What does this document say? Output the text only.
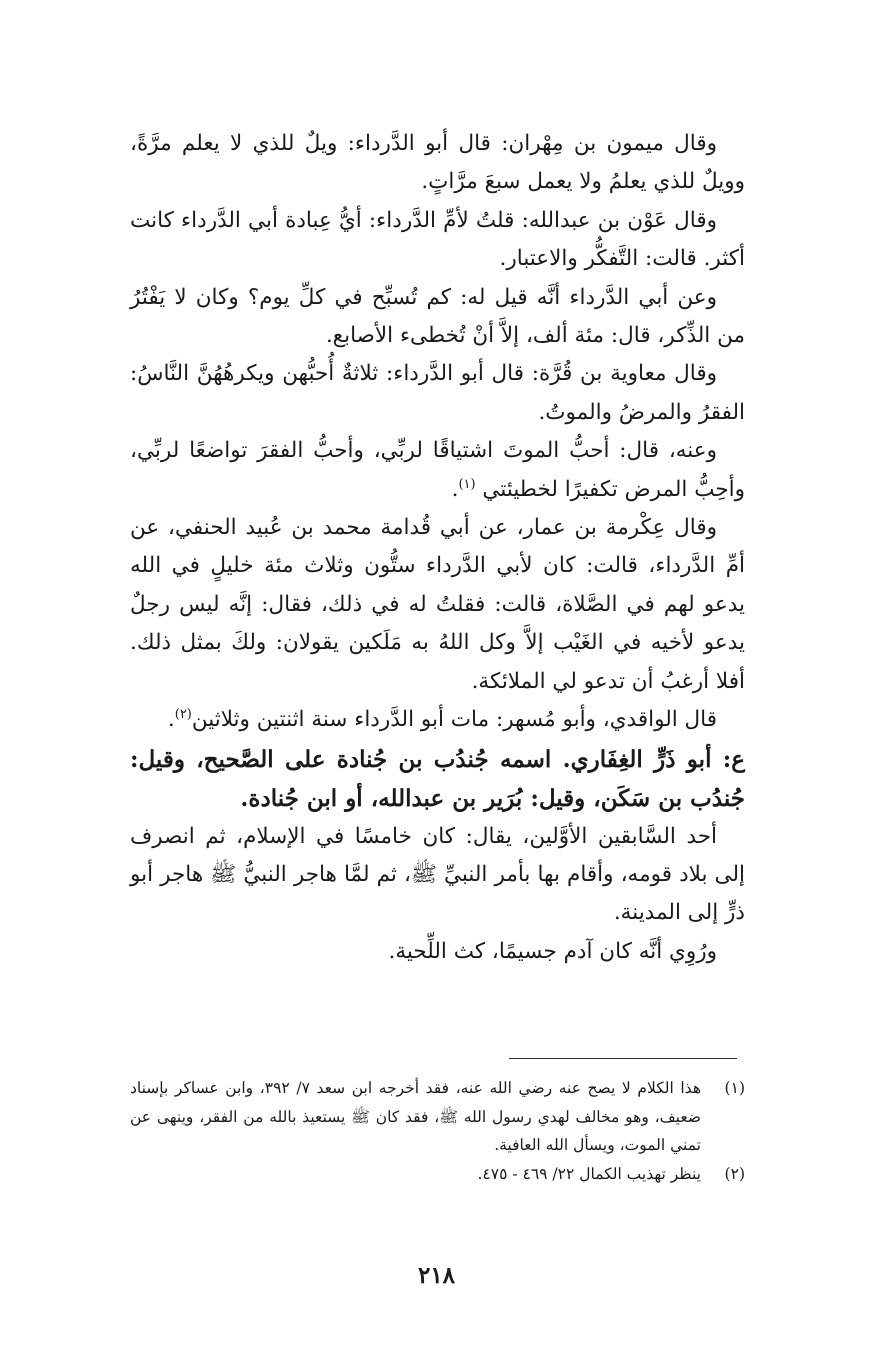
وقال ميمون بن مِهْران: قال أبو الدَّرداء: ويلٌ للذي لا يعلم مرَّةً، وويلٌ للذي يعلمُ ولا يعمل سبعَ مرَّاتٍ.

وقال عَوْن بن عبدالله: قلتُ لأمِّ الدَّرداء: أيُّ عِبادة أبي الدَّرداء كانت أكثر. قالت: التَّفكُّر والاعتبار.

وعن أبي الدَّرداء أنَّه قيل له: كم تُسبِّح في كلِّ يوم؟ وكان لا يَفْتُرُ من الذِّكر، قال: مئة ألف، إلاَّ أنْ تُخطىء الأصابع.

وقال معاوية بن قُرَّة: قال أبو الدَّرداء: ثلاثةٌ أُحبُّهن ويكرهُهُنَّ النَّاسُ: الفقرُ والمرضُ والموتُ.

وعنه، قال: أحبُّ الموتَ اشتياقًا لربِّي، وأحبُّ الفقرَ تواضعًا لربِّي، وأحِبُّ المرض تكفيرًا لخطيئتي $^{(١)}$.

وقال عِكْرمة بن عمار، عن أبي قُدامة محمد بن عُبيد الحنفي، عن أمِّ الدَّرداء، قالت: كان لأبي الدَّرداء ستُّون وثلاث مئة خليلٍ في الله يدعو لهم في الصَّلاة، قالت: فقلتُ له في ذلك، فقال: إنَّه ليس رجلٌ يدعو لأخيه في الغَيْب إلاَّ وكل اللهُ به مَلَكين يقولان: ولكَ بمثل ذلك. أفلا أرغبُ أن تدعو لي الملائكة.

قال الواقدي، وأبو مُسهر: مات أبو الدَّرداء سنة اثنتين وثلاثين$^{(٢)}$.

ع: أبو ذَرٍّ الغِفَاري. اسمه جُندُب بن جُنادة على الصَّحيح، وقيل: جُندُب بن سَكَن، وقيل: بُرَير بن عبدالله، أو ابن جُنادة.

أحد السَّابقين الأوَّلين، يقال: كان خامسًا في الإسلام، ثم انصرف إلى بلاد قومه، وأقام بها بأمر النبيِّ ﷺ، ثم لمَّا هاجر النبيُّ ﷺ هاجر أبو ذرٍّ إلى المدينة.

ورُوِي أنَّه كان آدم جسيمًا، كث اللِّحية.

(١)
هذا الكلام لا يصح عنه رضي الله عنه، فقد أخرجه ابن سعد ٧/ ٣٩٢، وابن عساكر بإسناد ضعيف، وهو مخالف لهدي رسول الله ﷺ، فقد كان ﷺ يستعيذ بالله من الفقر، وينهى عن تمني الموت، ويسأل الله العافية.
(٢)
ينظر تهذيب الكمال ٢٢/ ٤٦٩ - ٤٧٥.
٢١٨
